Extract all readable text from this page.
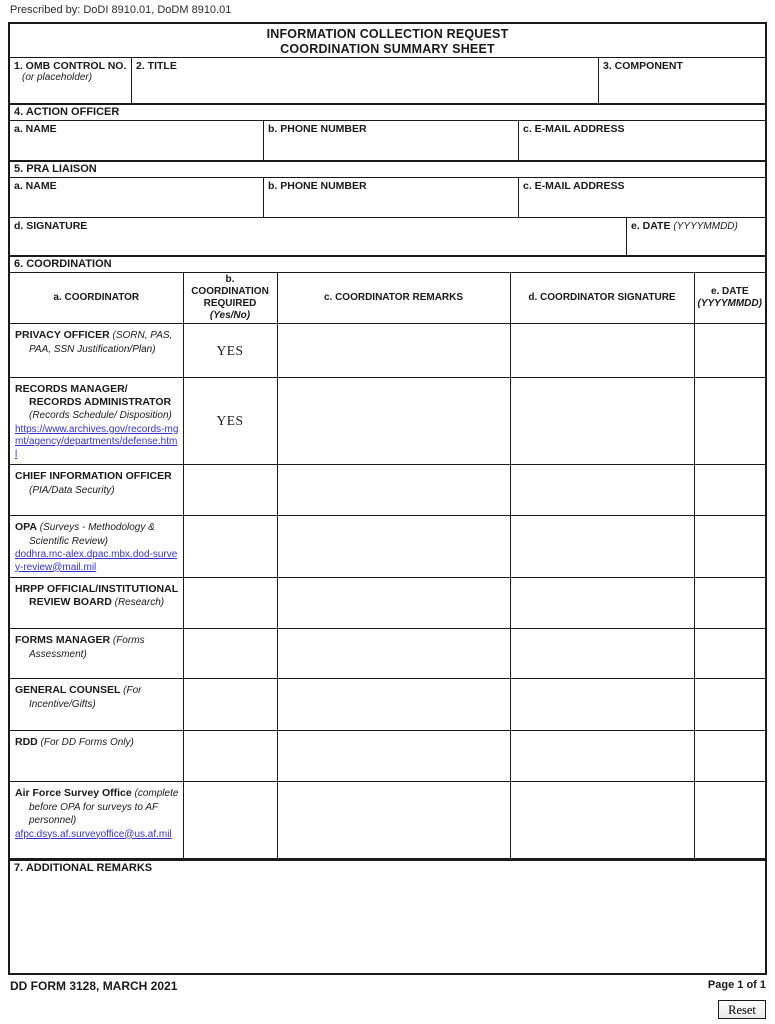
Prescribed by: DoDI 8910.01, DoDM 8910.01
INFORMATION COLLECTION REQUEST
COORDINATION SUMMARY SHEET
1. OMB CONTROL NO.
(or placeholder)
2. TITLE	3. COMPONENT
4. ACTION OFFICER
a. NAME	b. PHONE NUMBER	c. E-MAIL ADDRESS
5. PRA LIAISON
a. NAME	b. PHONE NUMBER	c. E-MAIL ADDRESS
d. SIGNATURE	e. DATE (YYYYMMDD)
6. COORDINATION
a. COORDINATOR	b. COORDINATION REQUIRED (Yes/No)	c. COORDINATOR REMARKS	d. COORDINATOR SIGNATURE	e. DATE
(YYYYMMDD)

PRIVACY OFFICER (SORN, PAS, PAA, SSN Justification/Plan)	YES			

RECORDS MANAGER/ RECORDS ADMINISTRATOR (Records Schedule/ Disposition)
https://www.archives.gov/records-mgmt/agency/departments/defense.html	YES			

CHIEF INFORMATION OFFICER (PIA/Data Security)				

OPA (Surveys - Methodology & Scientific Review)
dodhra.mc-alex.dpac.mbx.dod-survey-review@mail.mil				

HRPP OFFICIAL/INSTITUTIONAL REVIEW BOARD (Research)				

FORMS MANAGER (Forms Assessment)				

GENERAL COUNSEL (For Incentive/Gifts)				

RDD (For DD Forms Only)				

Air Force Survey Office (complete before OPA for surveys to AF personnel)
afpc.dsys.af.surveyoffice@us.af.mil				

7. ADDITIONAL REMARKS
DD FORM 3128, MARCH 2021	Page 1 of 1
Reset
